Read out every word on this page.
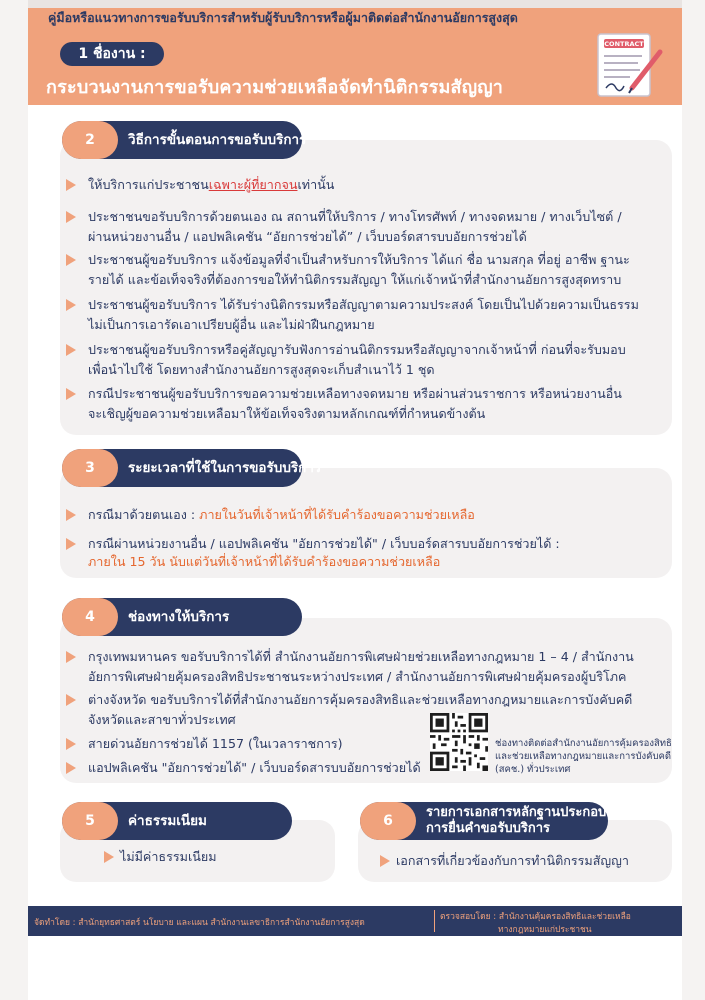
คู่มือหรือแนวทางการขอรับบริการสำหรับผู้รับบริการหรือผู้มาติดต่อสำนักงานอัยการสูงสุด
1 ชื่องาน :
กระบวนงานการขอรับความช่วยเหลือจัดทำนิติกรรมสัญญา
CONTRACT
2	วิธีการขั้นตอนการขอรับบริการ
ให้บริการแก่ประชาชนเฉพาะผู้ที่ยากจนเท่านั้น
ประชาชนขอรับบริการด้วยตนเอง ณ สถานที่ให้บริการ / ทางโทรศัพท์ / ทางจดหมาย / ทางเว็บไซต์ /
ผ่านหน่วยงานอื่น / แอปพลิเคชัน “อัยการช่วยได้” / เว็บบอร์ดสารบบอัยการช่วยได้
ประชาชนผู้ขอรับบริการ แจ้งข้อมูลที่จำเป็นสำหรับการให้บริการ ได้แก่ ชื่อ นามสกุล ที่อยู่ อาชีพ ฐานะ
รายได้ และข้อเท็จจริงที่ต้องการขอให้ทำนิติกรรมสัญญา ให้แก่เจ้าหน้าที่สำนักงานอัยการสูงสุดทราบ
ประชาชนผู้ขอรับบริการ ได้รับร่างนิติกรรมหรือสัญญาตามความประสงค์ โดยเป็นไปด้วยความเป็นธรรม
ไม่เป็นการเอารัดเอาเปรียบผู้อื่น และไม่ฝ่าฝืนกฎหมาย
ประชาชนผู้ขอรับบริการหรือคู่สัญญารับฟังการอ่านนิติกรรมหรือสัญญาจากเจ้าหน้าที่ ก่อนที่จะรับมอบ
เพื่อนำไปใช้ โดยทางสำนักงานอัยการสูงสุดจะเก็บสำเนาไว้ 1 ชุด
กรณีประชาชนผู้ขอรับบริการขอความช่วยเหลือทางจดหมาย หรือผ่านส่วนราชการ หรือหน่วยงานอื่น
จะเชิญผู้ขอความช่วยเหลือมาให้ข้อเท็จจริงตามหลักเกณฑ์ที่กำหนดข้างต้น
3	ระยะเวลาที่ใช้ในการขอรับบริการ
กรณีมาด้วยตนเอง : ภายในวันที่เจ้าหน้าที่ได้รับคำร้องขอความช่วยเหลือ
กรณีผ่านหน่วยงานอื่น / แอปพลิเคชัน "อัยการช่วยได้" / เว็บบอร์ดสารบบอัยการช่วยได้ :
ภายใน 15 วัน นับแต่วันที่เจ้าหน้าที่ได้รับคำร้องขอความช่วยเหลือ
4	ช่องทางให้บริการ
กรุงเทพมหานคร ขอรับบริการได้ที่ สำนักงานอัยการพิเศษฝ่ายช่วยเหลือทางกฎหมาย 1 – 4 / สำนักงาน
อัยการพิเศษฝ่ายคุ้มครองสิทธิประชาชนระหว่างประเทศ / สำนักงานอัยการพิเศษฝ่ายคุ้มครองผู้บริโภค
ต่างจังหวัด ขอรับบริการได้ที่สำนักงานอัยการคุ้มครองสิทธิและช่วยเหลือทางกฎหมายและการบังคับคดี
จังหวัดและสาขาทั่วประเทศ
สายด่วนอัยการช่วยได้ 1157 (ในเวลาราชการ)
แอปพลิเคชัน "อัยการช่วยได้" / เว็บบอร์ดสารบบอัยการช่วยได้
ช่องทางติดต่อสำนักงานอัยการคุ้มครองสิทธิ
และช่วยเหลือทางกฎหมายและการบังคับคดี
(สคช.) ทั่วประเทศ
5	ค่าธรรมเนียม
ไม่มีค่าธรรมเนียม
6
รายการเอกสารหลักฐานประกอบ
การยื่นคำขอรับบริการ
เอกสารที่เกี่ยวข้องกับการทำนิติกรรมสัญญา
จัดทำโดย : สำนักยุทธศาสตร์ นโยบาย และแผน สำนักงานเลขาธิการสำนักงานอัยการสูงสุด
ตรวจสอบโดย : สำนักงานคุ้มครองสิทธิและช่วยเหลือ
ทางกฎหมายแก่ประชาชน
